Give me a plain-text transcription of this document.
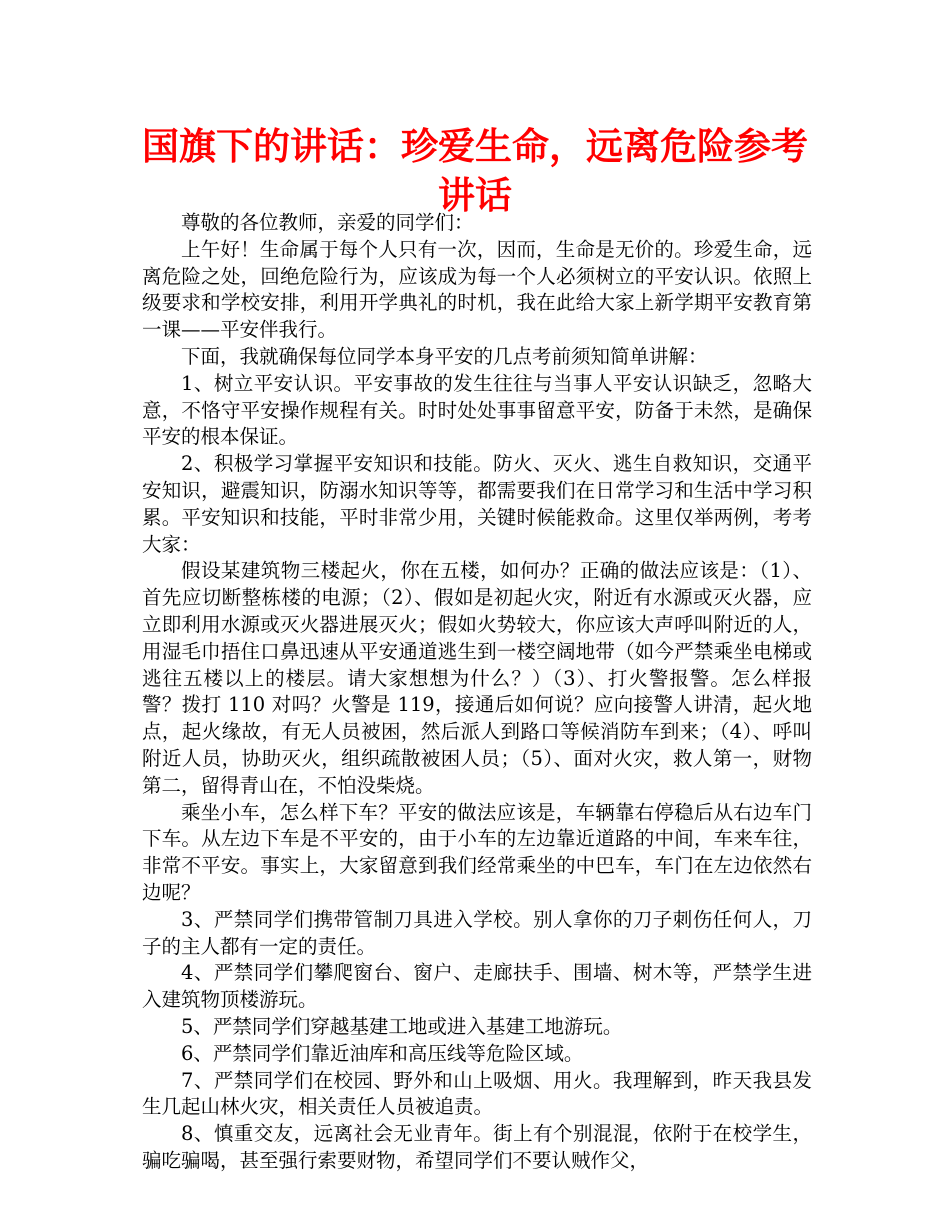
国旗下的讲话：珍爱生命，远离危险参考讲话

尊敬的各位教师，亲爱的同学们：

上午好！生命属于每个人只有一次，因而，生命是无价的。珍爱生命，远离危险之处，回绝危险行为，应该成为每一个人必须树立的平安认识。依照上级要求和学校安排，利用开学典礼的时机，我在此给大家上新学期平安教育第一课——平安伴我行。

下面，我就确保每位同学本身平安的几点考前须知简单讲解：

1、树立平安认识。平安事故的发生往往与当事人平安认识缺乏，忽略大意，不恪守平安操作规程有关。时时处处事事留意平安，防备于未然，是确保平安的根本保证。

2、积极学习掌握平安知识和技能。防火、灭火、逃生自救知识，交通平安知识，避震知识，防溺水知识等等，都需要我们在日常学习和生活中学习积累。平安知识和技能，平时非常少用，关键时候能救命。这里仅举两例，考考大家：

假设某建筑物三楼起火，你在五楼，如何办？正确的做法应该是：（1）、首先应切断整栋楼的电源；（2）、假如是初起火灾，附近有水源或灭火器，应立即利用水源或灭火器进展灭火；假如火势较大，你应该大声呼叫附近的人，用湿毛巾捂住口鼻迅速从平安通道逃生到一楼空阔地带（如今严禁乘坐电梯或逃往五楼以上的楼层。请大家想想为什么？）（3）、打火警报警。怎么样报警？拨打 110 对吗？火警是 119，接通后如何说？应向接警人讲清，起火地点，起火缘故，有无人员被困，然后派人到路口等候消防车到来；（4）、呼叫附近人员，协助灭火，组织疏散被困人员；（5）、面对火灾，救人第一，财物第二，留得青山在，不怕没柴烧。

乘坐小车，怎么样下车？平安的做法应该是，车辆靠右停稳后从右边车门下车。从左边下车是不平安的，由于小车的左边靠近道路的中间，车来车往，非常不平安。事实上，大家留意到我们经常乘坐的中巴车，车门在左边依然右边呢？

3、严禁同学们携带管制刀具进入学校。别人拿你的刀子刺伤任何人，刀子的主人都有一定的责任。

4、严禁同学们攀爬窗台、窗户、走廊扶手、围墙、树木等，严禁学生进入建筑物顶楼游玩。

5、严禁同学们穿越基建工地或进入基建工地游玩。

6、严禁同学们靠近油库和高压线等危险区域。

7、严禁同学们在校园、野外和山上吸烟、用火。我理解到，昨天我县发生几起山林火灾，相关责任人员被追责。

8、慎重交友，远离社会无业青年。街上有个别混混，依附于在校学生，骗吃骗喝，甚至强行索要财物，希望同学们不要认贼作父，
